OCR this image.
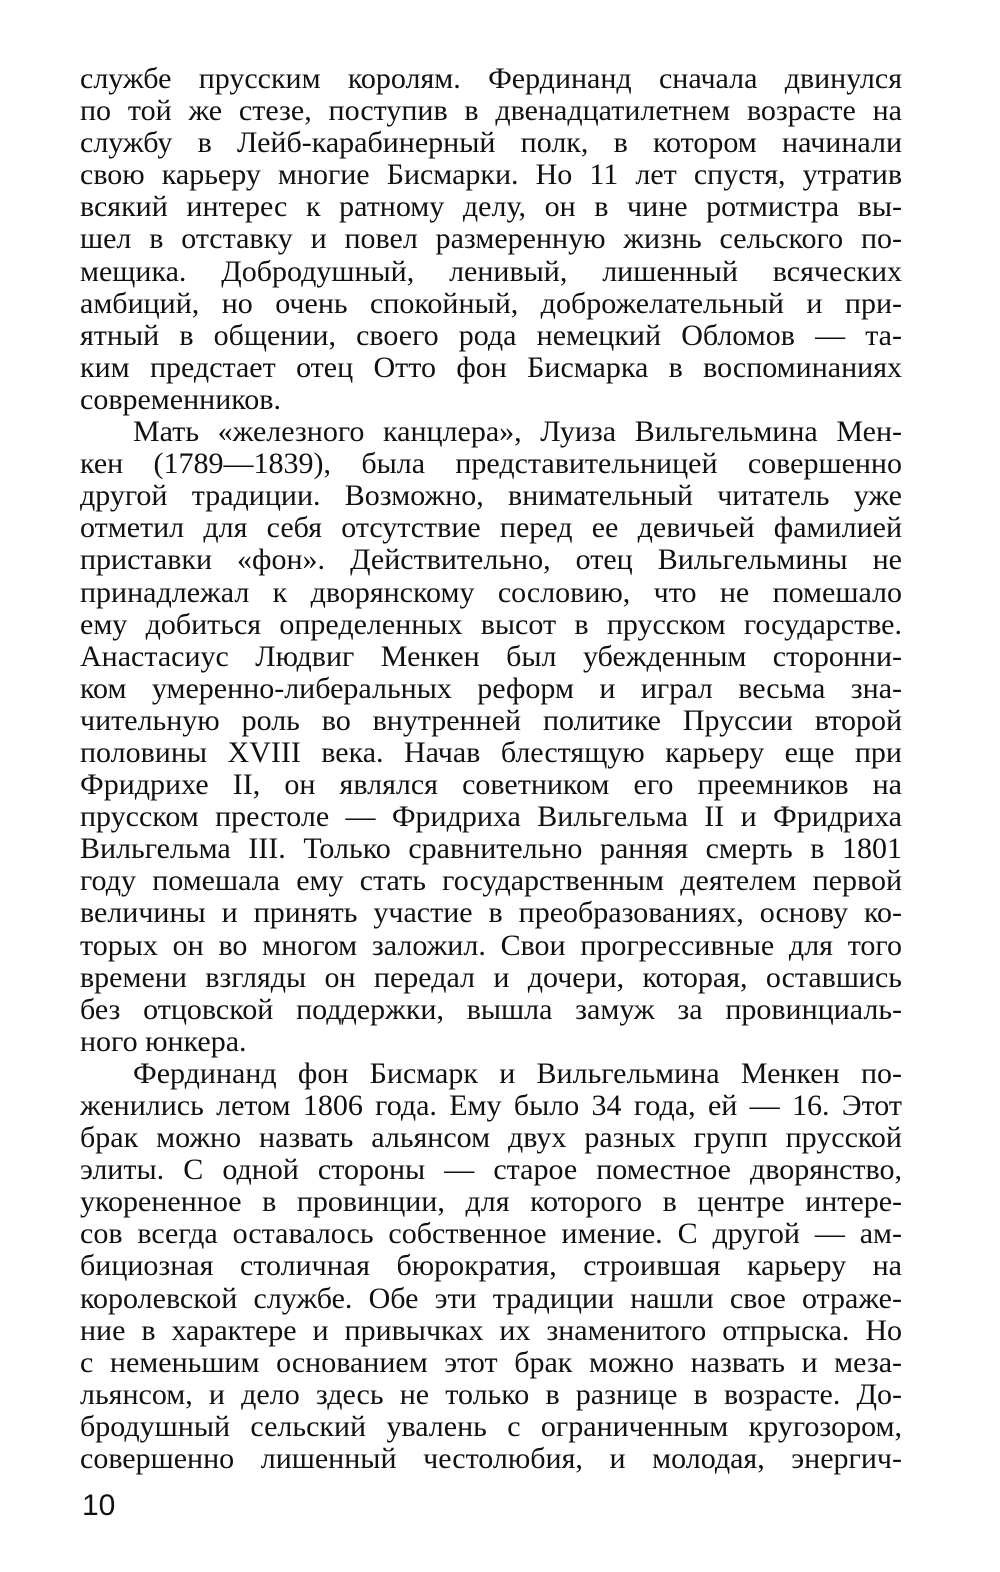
службе прусским королям. Фердинанд сначала двинулся
по той же стезе, поступив в двенадцатилетнем возрасте на
службу в Лейб-карабинерный полк, в котором начинали
свою карьеру многие Бисмарки. Но 11 лет спустя, утратив
всякий интерес к ратному делу, он в чине ротмистра вы-
шел в отставку и повел размеренную жизнь сельского по-
мещика. Добродушный, ленивый, лишенный всяческих
амбиций, но очень спокойный, доброжелательный и при-
ятный в общении, своего рода немецкий Обломов — та-
ким предстает отец Отто фон Бисмарка в воспоминаниях
современников.
Мать «железного канцлера», Луиза Вильгельмина Мен-
кен (1789—1839), была представительницей совершенно
другой традиции. Возможно, внимательный читатель уже
отметил для себя отсутствие перед ее девичьей фамилией
приставки «фон». Действительно, отец Вильгельмины не
принадлежал к дворянскому сословию, что не помешало
ему добиться определенных высот в прусском государстве.
Анастасиус Людвиг Менкен был убежденным сторонни-
ком умеренно-либеральных реформ и играл весьма зна-
чительную роль во внутренней политике Пруссии второй
половины XVIII века. Начав блестящую карьеру еще при
Фридрихе II, он являлся советником его преемников на
прусском престоле — Фридриха Вильгельма II и Фридриха
Вильгельма III. Только сравнительно ранняя смерть в 1801
году помешала ему стать государственным деятелем первой
величины и принять участие в преобразованиях, основу ко-
торых он во многом заложил. Свои прогрессивные для того
времени взгляды он передал и дочери, которая, оставшись
без отцовской поддержки, вышла замуж за провинциаль-
ного юнкера.
Фердинанд фон Бисмарк и Вильгельмина Менкен по-
женились летом 1806 года. Ему было 34 года, ей — 16. Этот
брак можно назвать альянсом двух разных групп прусской
элиты. С одной стороны — старое поместное дворянство,
укорененное в провинции, для которого в центре интере-
сов всегда оставалось собственное имение. С другой — ам-
бициозная столичная бюрократия, строившая карьеру на
королевской службе. Обе эти традиции нашли свое отраже-
ние в характере и привычках их знаменитого отпрыска. Но
с неменьшим основанием этот брак можно назвать и меза-
льянсом, и дело здесь не только в разнице в возрасте. До-
бродушный сельский увалень с ограниченным кругозором,
совершенно лишенный честолюбия, и молодая, энергич-
10
